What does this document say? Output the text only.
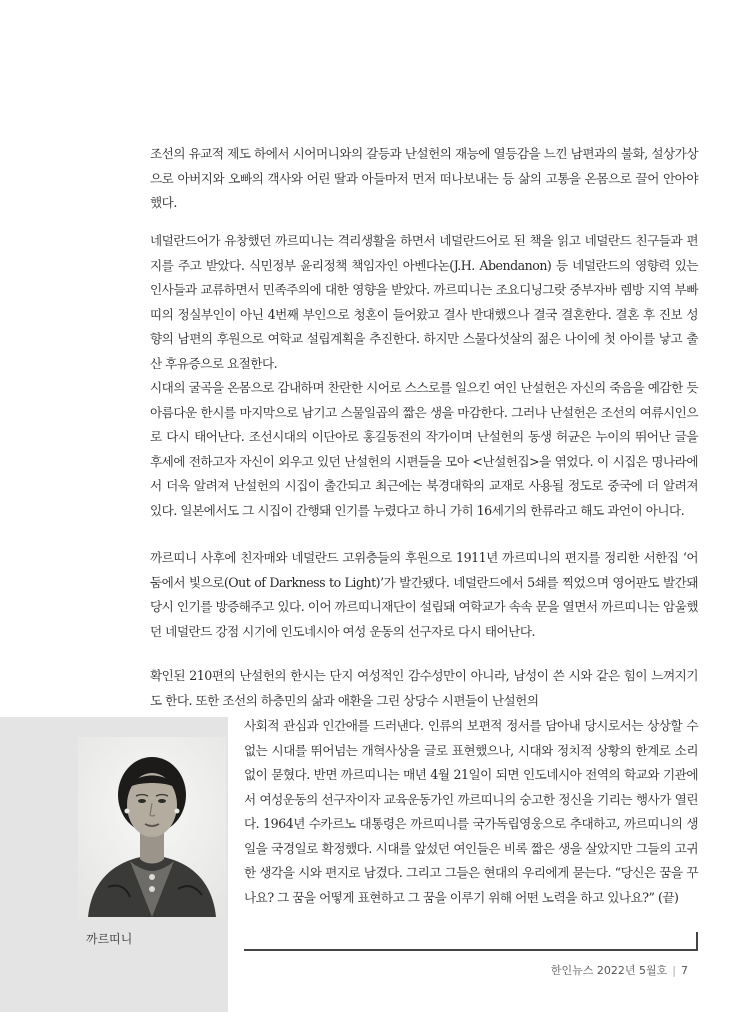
조선의 유교적 제도 하에서 시어머니와의 갈등과 난설헌의 재능에 열등감을 느낀 남편과의 불화, 설상가상으로 아버지와 오빠의 객사와 어린 딸과 아들마저 먼저 떠나보내는 등 삶의 고통을 온몸으로 끌어 안아야 했다.

네덜란드어가 유창했던 까르띠니는 격리생활을 하면서 네덜란드어로 된 책을 읽고 네덜란드 친구들과 편지를 주고 받았다. 식민정부 윤리정책 책임자인 아벤다논(J.H. Abendanon) 등 네덜란드의 영향력 있는 인사들과 교류하면서 민족주의에 대한 영향을 받았다. 까르띠니는 조요디닝그랏 중부자바 렘방 지역 부빠띠의 정실부인이 아닌 4번째 부인으로 청혼이 들어왔고 결사 반대했으나 결국 결혼한다. 결혼 후 진보 성향의 남편의 후원으로 여학교 설립계획을 추진한다. 하지만 스물다섯살의 젊은 나이에 첫 아이를 낳고 출산 후유증으로 요절한다.

시대의 굴곡을 온몸으로 감내하며 찬란한 시어로 스스로를 일으킨 여인 난설헌은 자신의 죽음을 예감한 듯 아름다운 한시를 마지막으로 남기고 스물일곱의 짧은 생을 마감한다. 그러나 난설헌은 조선의 여류시인으로 다시 태어난다. 조선시대의 이단아로 홍길동전의 작가이며 난설헌의 동생 허균은 누이의 뛰어난 글을 후세에 전하고자 자신이 외우고 있던 난설헌의 시편들을 모아 <난설헌집>을 엮었다. 이 시집은 명나라에서 더욱 알려져 난설헌의 시집이 출간되고 최근에는 북경대학의 교재로 사용될 정도로 중국에 더 알려져 있다. 일본에서도 그 시집이 간행돼 인기를 누렸다고 하니 가히 16세기의 한류라고 해도 과언이 아니다.

까르띠니 사후에 친자매와 네덜란드 고위층들의 후원으로 1911년 까르띠니의 편지를 정리한 서한집 ‘어둠에서 빛으로(Out of Darkness to Light)’가 발간됐다. 네덜란드에서 5쇄를 찍었으며 영어판도 발간돼 당시 인기를 방증해주고 있다. 이어 까르띠니재단이 설립돼 여학교가 속속 문을 열면서 까르띠니는 암울했던 네덜란드 강점 시기에 인도네시아 여성 운동의 선구자로 다시 태어난다.

확인된 210편의 난설헌의 한시는 단지 여성적인 감수성만이 아니라, 남성이 쓴 시와 같은 힘이 느껴지기도 한다. 또한 조선의 하층민의 삶과 애환을 그린 상당수 시편들이 난설헌의

까르띠니

사회적 관심과 인간애를 드러낸다. 인류의 보편적 정서를 담아내 당시로서는 상상할 수 없는 시대를 뛰어넘는 개혁사상을 글로 표현했으나, 시대와 정치적 상황의 한계로 소리 없이 묻혔다. 반면 까르띠니는 매년 4월 21일이 되면 인도네시아 전역의 학교와 기관에서 여성운동의 선구자이자 교육운동가인 까르띠니의 숭고한 정신을 기리는 행사가 열린다. 1964년 수카르노 대통령은 까르띠니를 국가독립영웅으로 추대하고, 까르띠니의 생일을 국경일로 확정했다. 시대를 앞섰던 여인들은 비록 짧은 생을 살았지만 그들의 고귀한 생각을 시와 편지로 남겼다. 그리고 그들은 현대의 우리에게 묻는다. “당신은 꿈을 꾸나요? 그 꿈을 어떻게 표현하고 그 꿈을 이루기 위해 어떤 노력을 하고 있나요?” (끝)

한인뉴스 2022년 5월호 | 7
